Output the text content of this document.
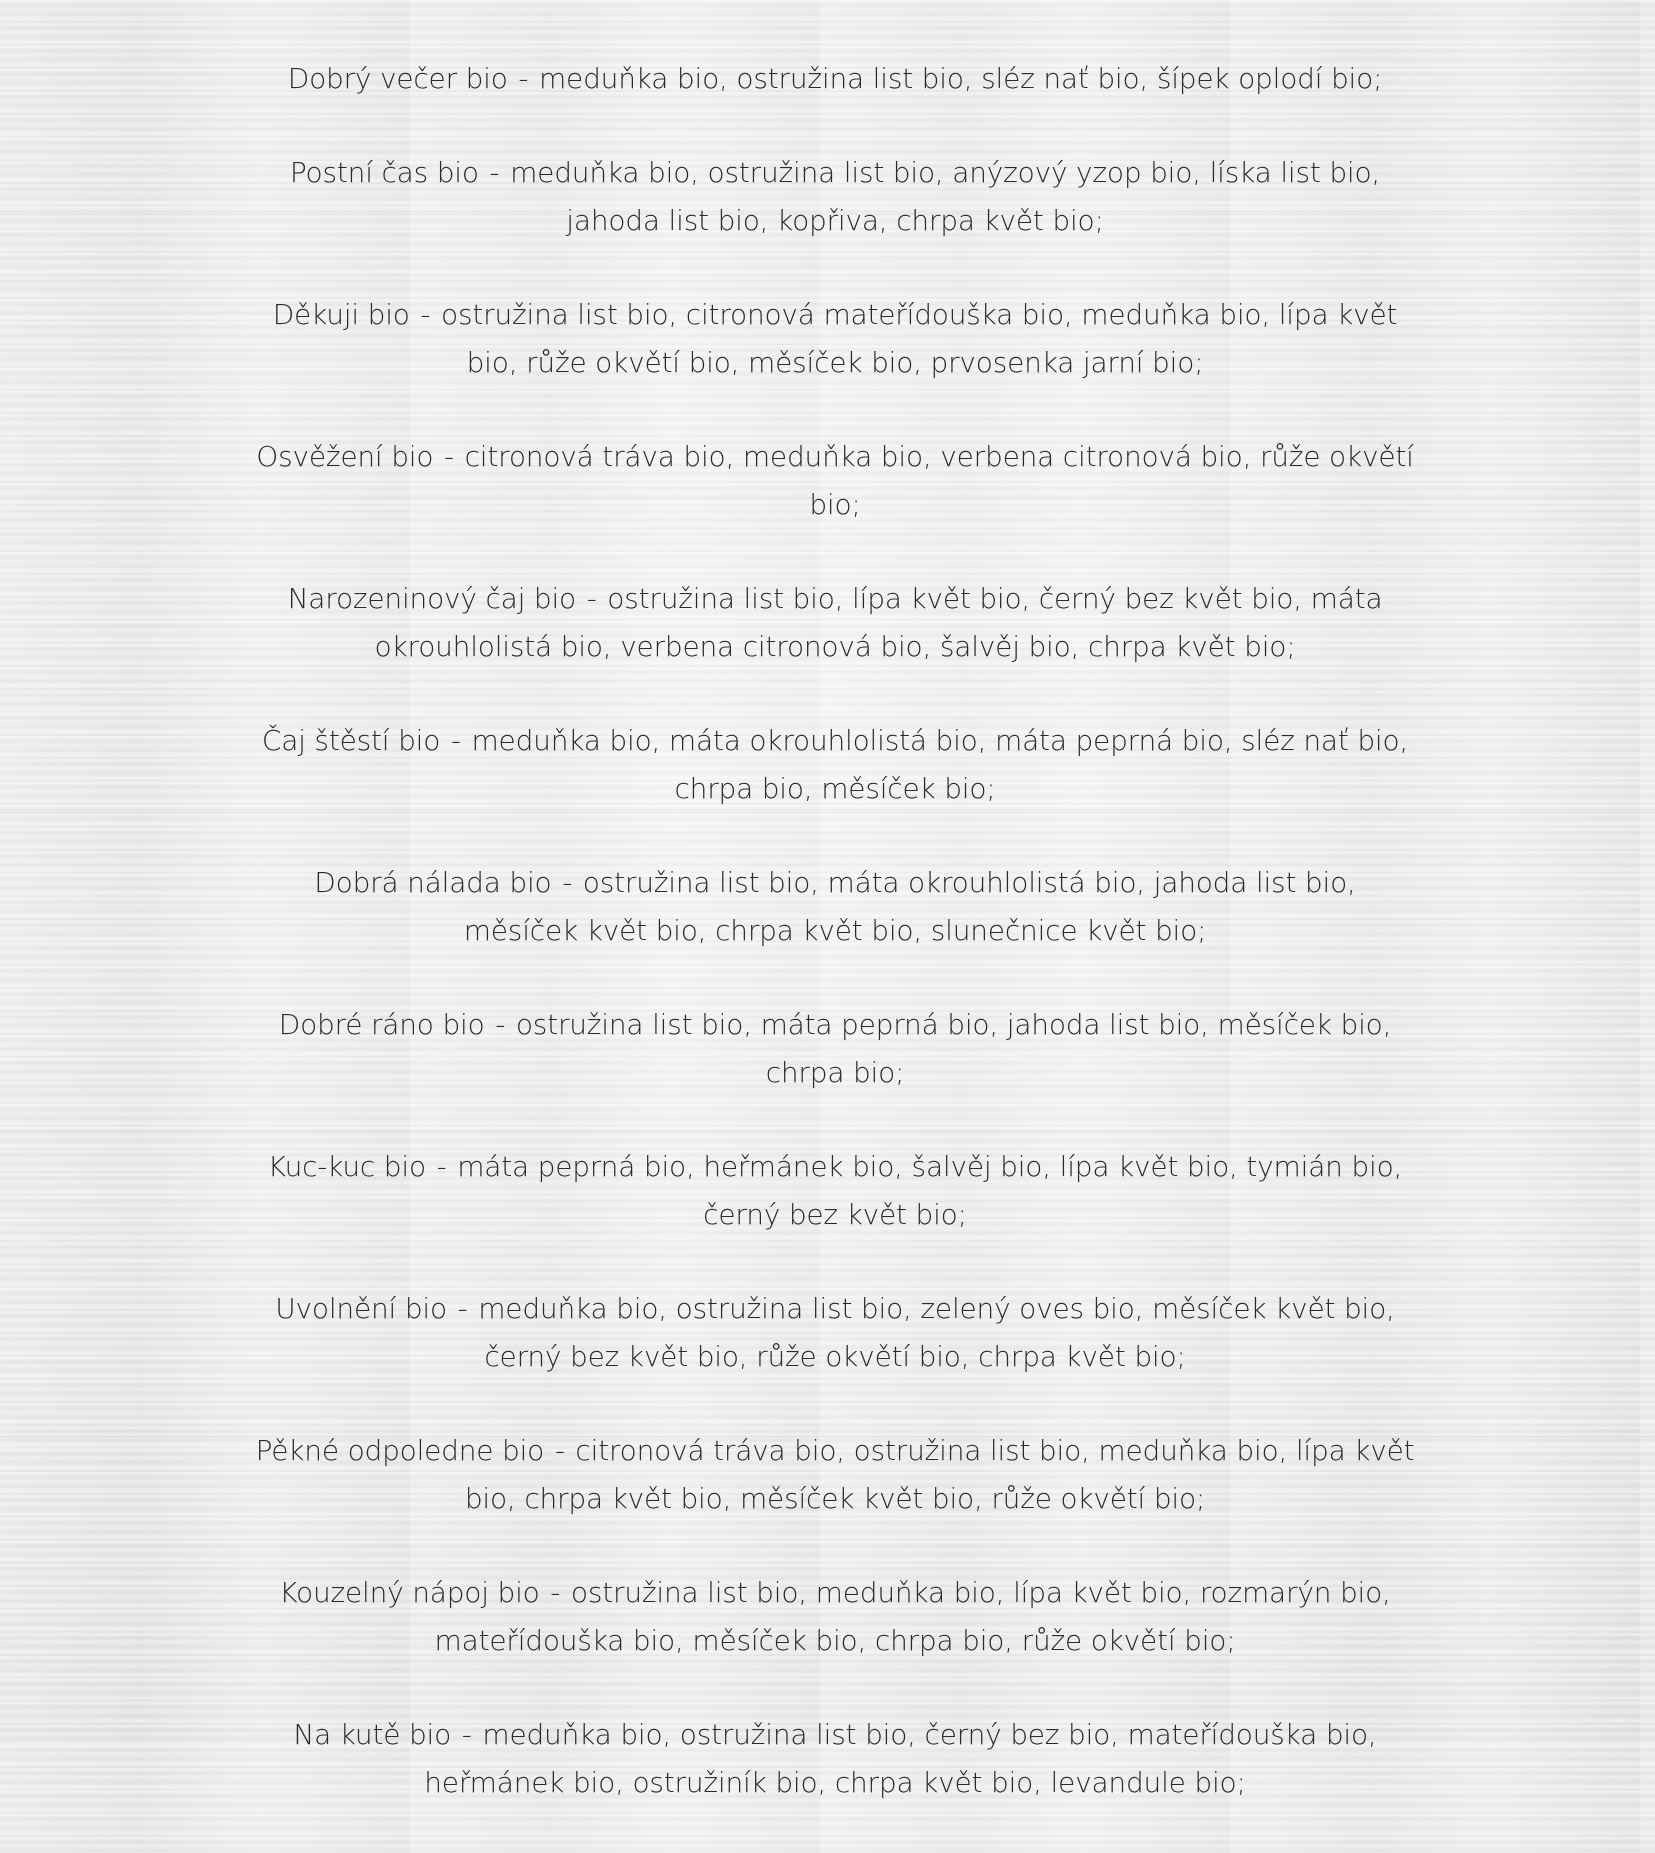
Dobrý večer bio - meduňka bio, ostružina list bio, sléz nať bio, šípek oplodí bio;

Postní čas bio - meduňka bio, ostružina list bio, anýzový yzop bio, líska list bio, jahoda list bio, kopřiva, chrpa květ bio;

Děkuji bio - ostružina list bio, citronová mateřídouška bio, meduňka bio, lípa květ bio, růže okvětí bio, měsíček bio, prvosenka jarní bio;

Osvěžení bio - citronová tráva bio, meduňka bio, verbena citronová bio, růže okvětí bio;

Narozeninový čaj bio - ostružina list bio, lípa květ bio, černý bez květ bio, máta okrouhlolistá bio, verbena citronová bio, šalvěj bio, chrpa květ bio;

Čaj štěstí bio - meduňka bio, máta okrouhlolistá bio, máta peprná bio, sléz nať bio, chrpa bio, měsíček bio;

Dobrá nálada bio - ostružina list bio, máta okrouhlolistá bio, jahoda list bio, měsíček květ bio, chrpa květ bio, slunečnice květ bio;

Dobré ráno bio - ostružina list bio, máta peprná bio, jahoda list bio, měsíček bio, chrpa bio;

Kuc-kuc bio - máta peprná bio, heřmánek bio, šalvěj bio, lípa květ bio, tymián bio, černý bez květ bio;

Uvolnění bio - meduňka bio, ostružina list bio, zelený oves bio, měsíček květ bio, černý bez květ bio, růže okvětí bio, chrpa květ bio;

Pěkné odpoledne bio - citronová tráva bio, ostružina list bio, meduňka bio, lípa květ bio, chrpa květ bio, měsíček květ bio, růže okvětí bio;

Kouzelný nápoj bio - ostružina list bio, meduňka bio, lípa květ bio, rozmarýn bio, mateřídouška bio, měsíček bio, chrpa bio, růže okvětí bio;

Na kutě bio - meduňka bio, ostružina list bio, černý bez bio, mateřídouška bio, heřmánek bio, ostružiník bio, chrpa květ bio, levandule bio;
